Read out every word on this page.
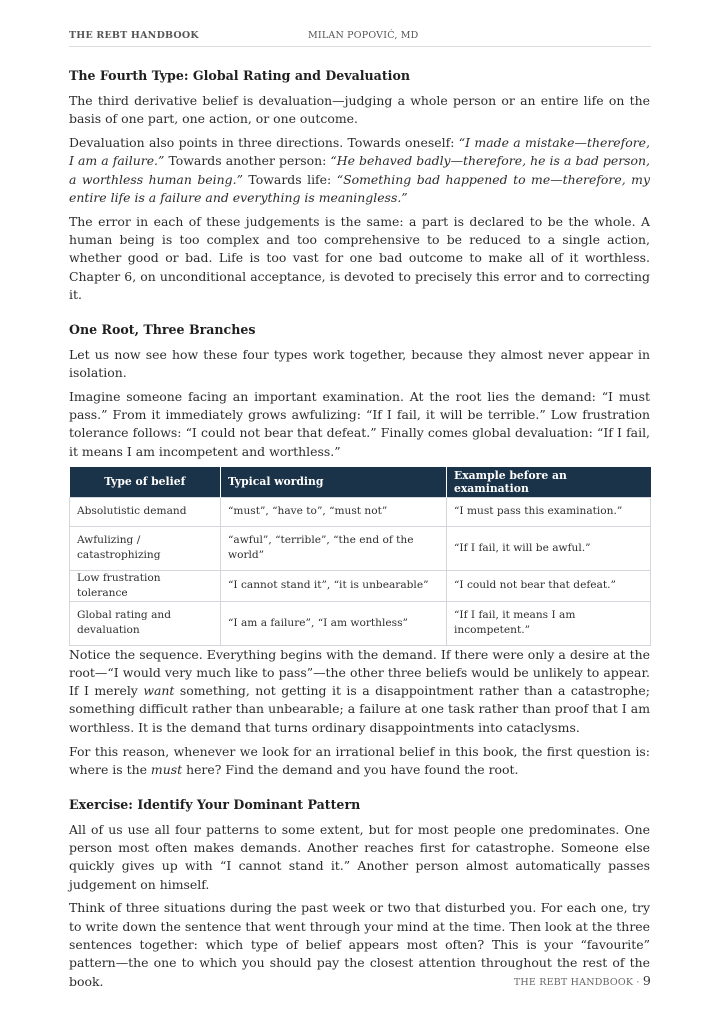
THE REBT HANDBOOK	MILAN POPOVIĆ, MD
The Fourth Type: Global Rating and Devaluation

The third derivative belief is devaluation—judging a whole person or an entire life on the basis of one part, one action, or one outcome.

Devaluation also points in three directions. Towards oneself: “I made a mistake—therefore, I am a failure.” Towards another person: “He behaved badly—therefore, he is a bad person, a worthless human being.” Towards life: “Something bad happened to me—therefore, my entire life is a failure and everything is meaningless.”

The error in each of these judgements is the same: a part is declared to be the whole. A human being is too complex and too comprehensive to be reduced to a single action, whether good or bad. Life is too vast for one bad outcome to make all of it worthless. Chapter 6, on unconditional acceptance, is devoted to precisely this error and to correcting it.

One Root, Three Branches

Let us now see how these four types work together, because they almost never appear in isolation.

Imagine someone facing an important examination. At the root lies the demand: “I must pass.” From it immediately grows awfulizing: “If I fail, it will be terrible.” Low frustration tolerance follows: “I could not bear that defeat.” Finally comes global devaluation: “If I fail, it means I am incompetent and worthless.”

Type of belief	Typical wording	Example before an examination
Absolutistic demand	“must”, “have to”, “must not”	“I must pass this examination.”
Awfulizing / catastrophizing	“awful”, “terrible”, “the end of the world”	“If I fail, it will be awful.”
Low frustration tolerance	“I cannot stand it”, “it is unbearable”	“I could not bear that defeat.”
Global rating and devaluation	“I am a failure”, “I am worthless”	“If I fail, it means I am incompetent.”

Notice the sequence. Everything begins with the demand. If there were only a desire at the root—“I would very much like to pass”—the other three beliefs would be unlikely to appear. If I merely want something, not getting it is a disappointment rather than a catastrophe; something difficult rather than unbearable; a failure at one task rather than proof that I am worthless. It is the demand that turns ordinary disappointments into cataclysms.

For this reason, whenever we look for an irrational belief in this book, the first question is: where is the must here? Find the demand and you have found the root.

Exercise: Identify Your Dominant Pattern

All of us use all four patterns to some extent, but for most people one predominates. One person most often makes demands. Another reaches first for catastrophe. Someone else quickly gives up with “I cannot stand it.” Another person almost automatically passes judgement on himself.

Think of three situations during the past week or two that disturbed you. For each one, try to write down the sentence that went through your mind at the time. Then look at the three sentences together: which type of belief appears most often? This is your “favourite” pattern—the one to which you should pay the closest attention throughout the rest of the book.	THE REBT HANDBOOK · 9
